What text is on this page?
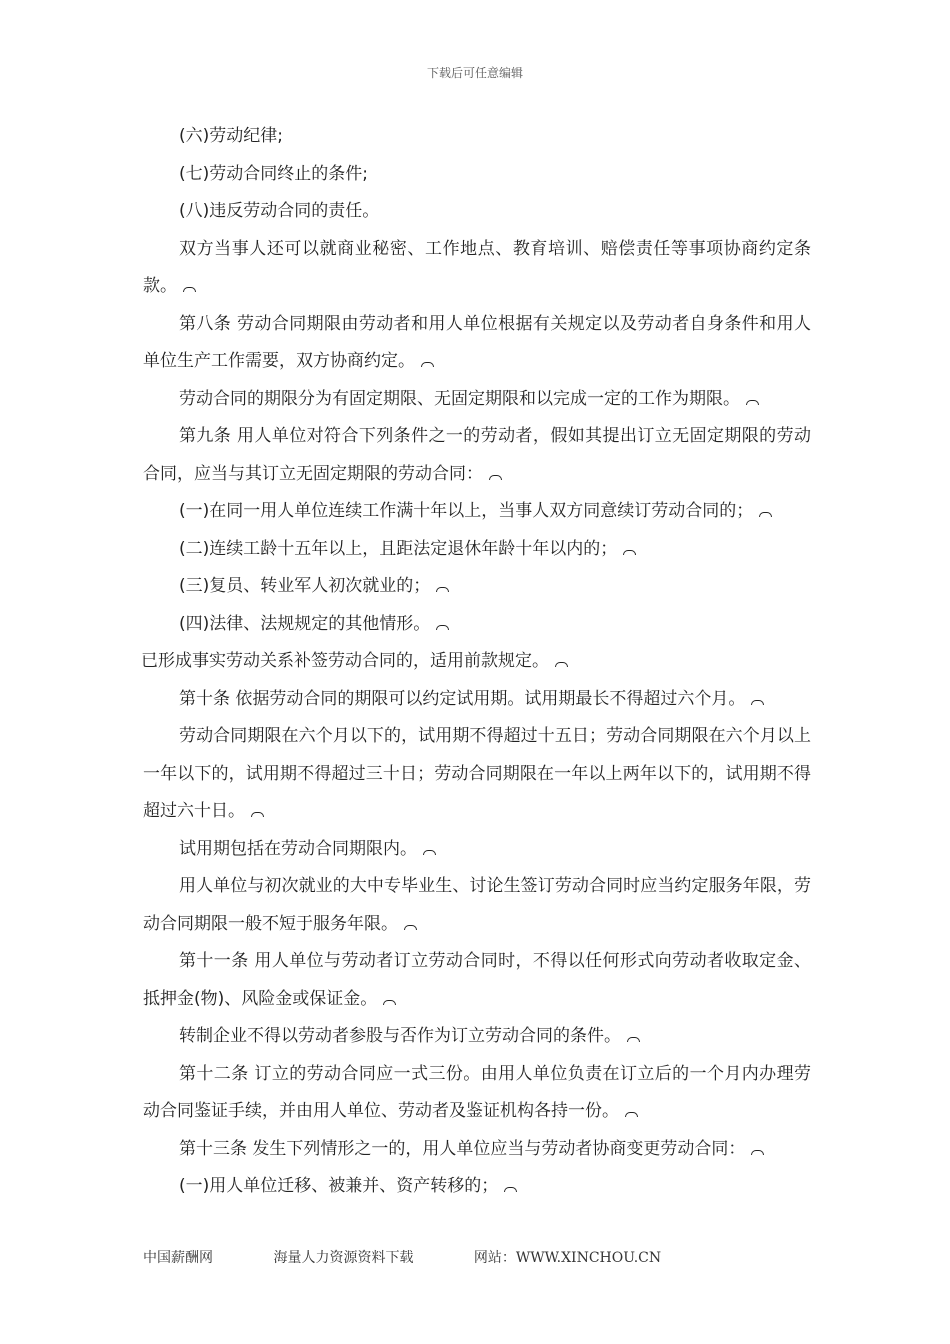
下载后可任意编辑

(六)劳动纪律;

(七)劳动合同终止的条件;

(八)违反劳动合同的责任。

双方当事人还可以就商业秘密、工作地点、教育培训、赔偿责任等事项协商约定条款。

第八条 劳动合同期限由劳动者和用人单位根据有关规定以及劳动者自身条件和用人单位生产工作需要，双方协商约定。

劳动合同的期限分为有固定期限、无固定期限和以完成一定的工作为期限。

第九条 用人单位对符合下列条件之一的劳动者，假如其提出订立无固定期限的劳动合同，应当与其订立无固定期限的劳动合同：

(一)在同一用人单位连续工作满十年以上，当事人双方同意续订劳动合同的；

(二)连续工龄十五年以上，且距法定退休年龄十年以内的；

(三)复员、转业军人初次就业的；

(四)法律、法规规定的其他情形。

已形成事实劳动关系补签劳动合同的，适用前款规定。

第十条 依据劳动合同的期限可以约定试用期。试用期最长不得超过六个月。

劳动合同期限在六个月以下的，试用期不得超过十五日；劳动合同期限在六个月以上一年以下的，试用期不得超过三十日；劳动合同期限在一年以上两年以下的，试用期不得超过六十日。

试用期包括在劳动合同期限内。

用人单位与初次就业的大中专毕业生、讨论生签订劳动合同时应当约定服务年限，劳动合同期限一般不短于服务年限。

第十一条 用人单位与劳动者订立劳动合同时，不得以任何形式向劳动者收取定金、抵押金(物)、风险金或保证金。

转制企业不得以劳动者参股与否作为订立劳动合同的条件。

第十二条 订立的劳动合同应一式三份。由用人单位负责在订立后的一个月内办理劳动合同鉴证手续，并由用人单位、劳动者及鉴证机构各持一份。

第十三条 发生下列情形之一的，用人单位应当与劳动者协商变更劳动合同：

(一)用人单位迁移、被兼并、资产转移的；

中国薪酬网	海量人力资源资料下载	网站：WWW.XINCHOU.CN
